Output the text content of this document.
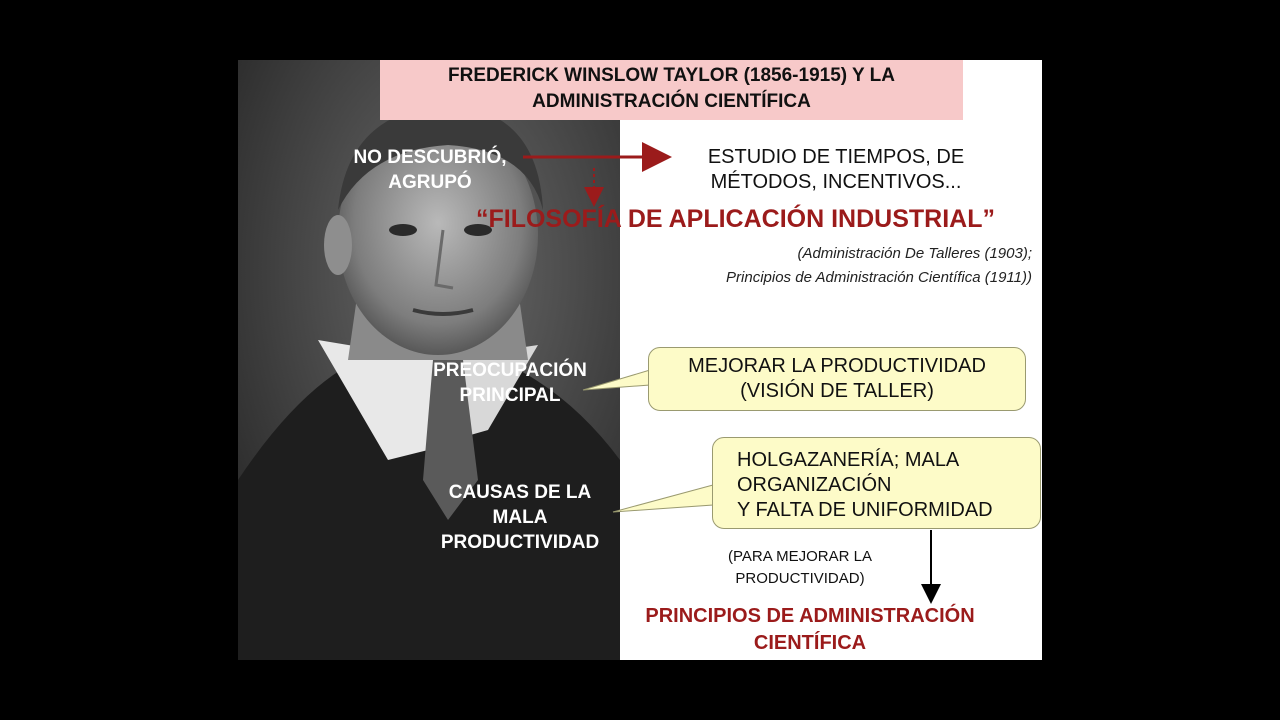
FREDERICK WINSLOW TAYLOR (1856-1915) Y LA
ADMINISTRACIÓN CIENTÍFICA
NO DESCUBRIÓ,
AGRUPÓ
ESTUDIO DE TIEMPOS, DE
MÉTODOS, INCENTIVOS...
“FILOSOFÍA DE APLICACIÓN INDUSTRIAL”
(Administración De Talleres (1903);
Principios de Administración Científica (1911))
PREOCUPACIÓN
PRINCIPAL
MEJORAR LA PRODUCTIVIDAD
(VISIÓN DE TALLER)
HOLGAZANERÍA; MALA
ORGANIZACIÓN
Y FALTA DE UNIFORMIDAD
CAUSAS DE LA
MALA
PRODUCTIVIDAD
(PARA MEJORAR LA
PRODUCTIVIDAD)
PRINCIPIOS DE ADMINISTRACIÓN
CIENTÍFICA
